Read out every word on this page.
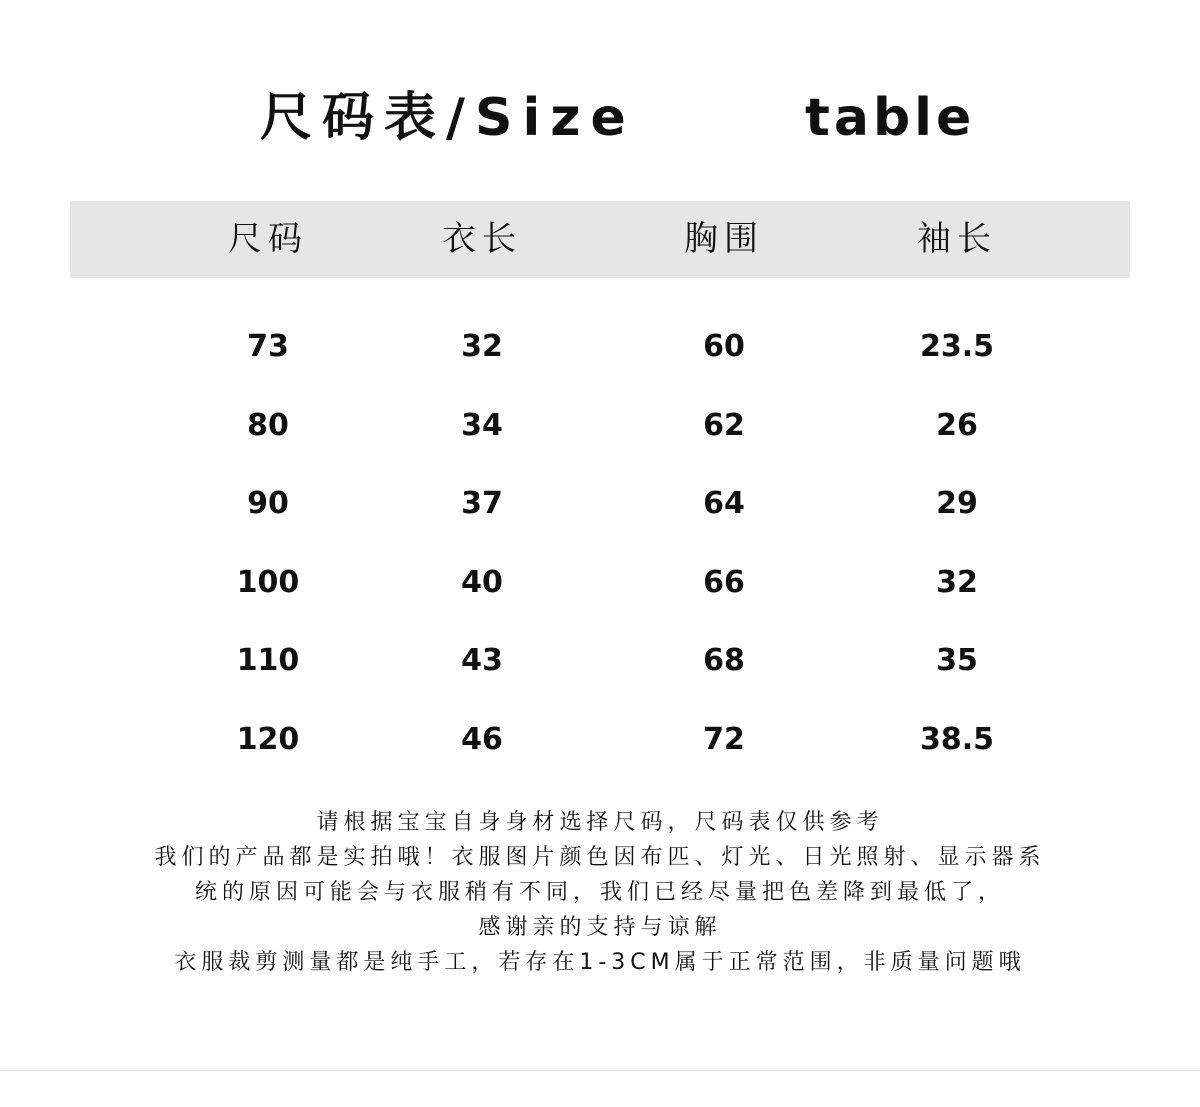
尺码表/Size	table
尺码	衣长	胸围	袖长
73	32	60	23.5
80	34	62	26
90	37	64	29
100	40	66	32
110	43	68	35
120	46	72	38.5
请根据宝宝自身身材选择尺码，尺码表仅供参考
我们的产品都是实拍哦！衣服图片颜色因布匹、灯光、日光照射、显示器系
统的原因可能会与衣服稍有不同，我们已经尽量把色差降到最低了，
感谢亲的支持与谅解
衣服裁剪测量都是纯手工，若存在1-3CM属于正常范围，非质量问题哦
